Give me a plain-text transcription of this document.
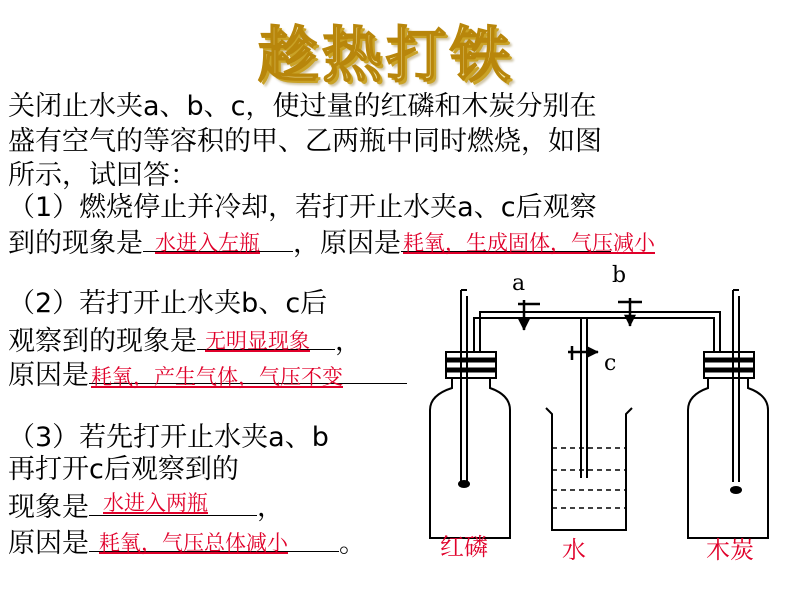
趁热打铁
关闭止水夹a、b、c，使过量的红磷和木炭分别在
盛有空气的等容积的甲、乙两瓶中同时燃烧，如图
所示，试回答：
（1）燃烧停止并冷却，若打开止水夹a、c后观察
到的现象是 水进入左瓶 ，原因是 耗氧，生成固体，气压减小
（2）若打开止水夹b、c后
观察到的现象是 无明显现象 ，
原因是 耗氧，产生气体，气压不变
（3）若先打开止水夹a、b
再打开c后观察到的
现象是 水进入两瓶 ，
原因是 耗氧，气压总体减小 。
a	b
c
红磷	水	木炭
